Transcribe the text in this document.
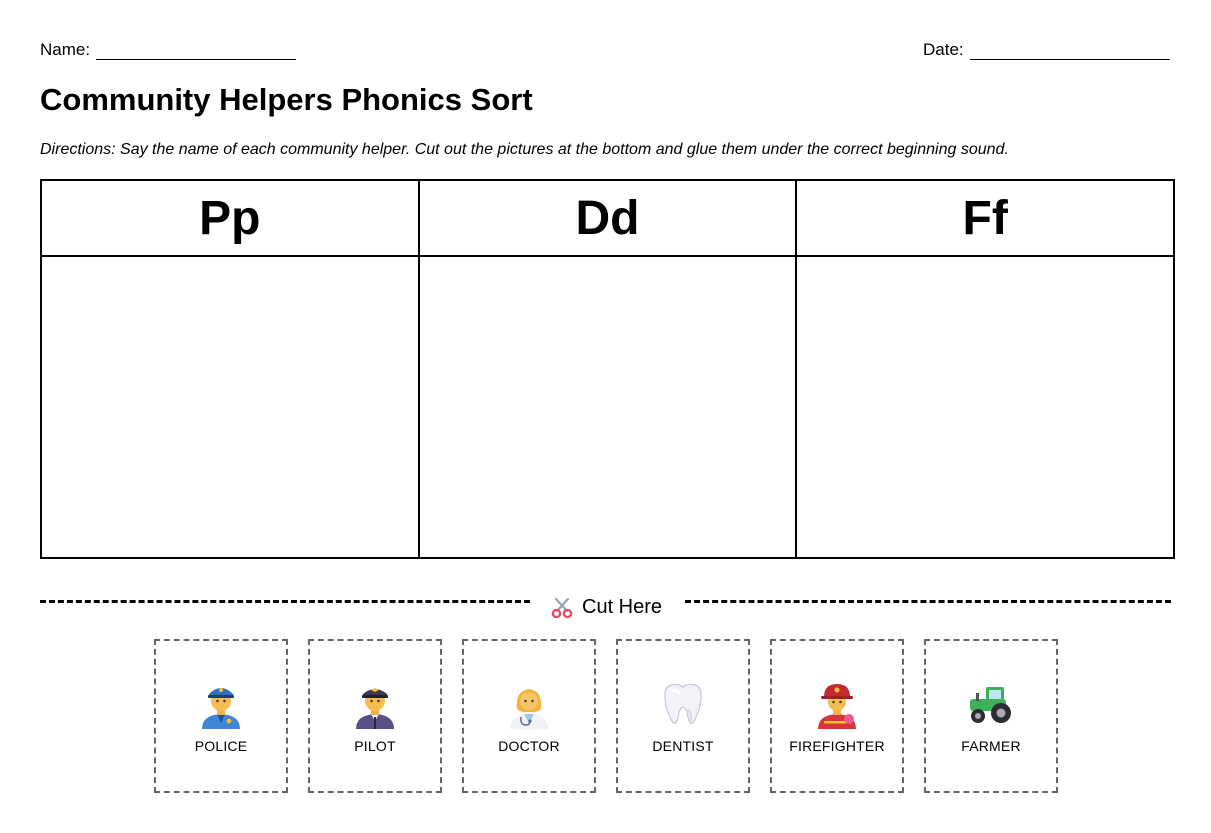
Name:	Date:
Community Helpers Phonics Sort
Directions: Say the name of each community helper. Cut out the pictures at the bottom and glue them under the correct beginning sound.
Pp	Dd	Ff

Cut Here
POLICE	PILOT	DOCTOR	DENTIST	FIREFIGHTER	FARMER
